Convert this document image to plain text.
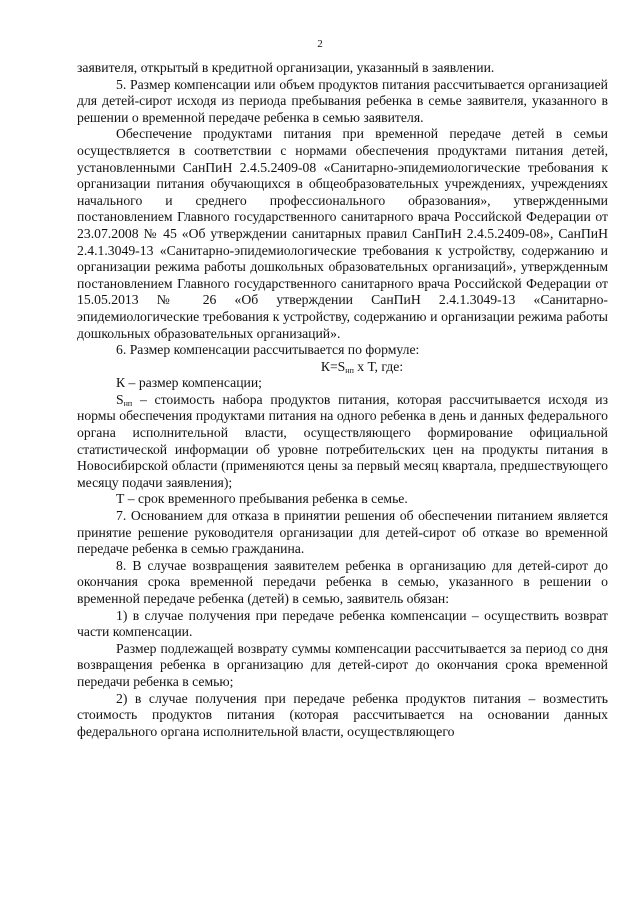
2

заявителя, открытый в кредитной организации, указанный в заявлении.

5. Размер компенсации или объем продуктов питания рассчитывается организацией для детей-сирот исходя из периода пребывания ребенка в семье заявителя, указанного в решении о временной передаче ребенка в семью заявителя.

Обеспечение продуктами питания при временной передаче детей в семьи осуществляется в соответствии с нормами обеспечения продуктами питания детей, установленными СанПиН 2.4.5.2409-08 «Санитарно-эпидемиологические требования к организации питания обучающихся в общеобразовательных учреждениях, учреждениях начального и среднего профессионального образования», утвержденными постановлением Главного государственного санитарного врача Российской Федерации от 23.07.2008 № 45 «Об утверждении санитарных правил СанПиН 2.4.5.2409-08», СанПиН 2.4.1.3049-13 «Санитарно-эпидемиологические требования к устройству, содержанию и организации режима работы дошкольных образовательных организаций», утвержденным постановлением Главного государственного санитарного врача Российской Федерации от 15.05.2013 № 26 «Об утверждении СанПиН 2.4.1.3049-13 «Санитарно-эпидемиологические требования к устройству, содержанию и организации режима работы дошкольных образовательных организаций».

6. Размер компенсации рассчитывается по формуле:

$К=S_{нп}$ х Т, где:

К – размер компенсации;

$S_{нп}$ – стоимость набора продуктов питания, которая рассчитывается исходя из нормы обеспечения продуктами питания на одного ребенка в день и данных федерального органа исполнительной власти, осуществляющего формирование официальной статистической информации об уровне потребительских цен на продукты питания в Новосибирской области (применяются цены за первый месяц квартала, предшествующего месяцу подачи заявления);

Т – срок временного пребывания ребенка в семье.

7. Основанием для отказа в принятии решения об обеспечении питанием является принятие решение руководителя организации для детей-сирот об отказе во временной передаче ребенка в семью гражданина.

8. В случае возвращения заявителем ребенка в организацию для детей-сирот до окончания срока временной передачи ребенка в семью, указанного в решении о временной передаче ребенка (детей) в семью, заявитель обязан:

1) в случае получения при передаче ребенка компенсации – осуществить возврат части компенсации.

Размер подлежащей возврату суммы компенсации рассчитывается за период со дня возвращения ребенка в организацию для детей-сирот до окончания срока временной передачи ребенка в семью;

2) в случае получения при передаче ребенка продуктов питания – возместить стоимость продуктов питания (которая рассчитывается на основании данных федерального органа исполнительной власти, осуществляющего
